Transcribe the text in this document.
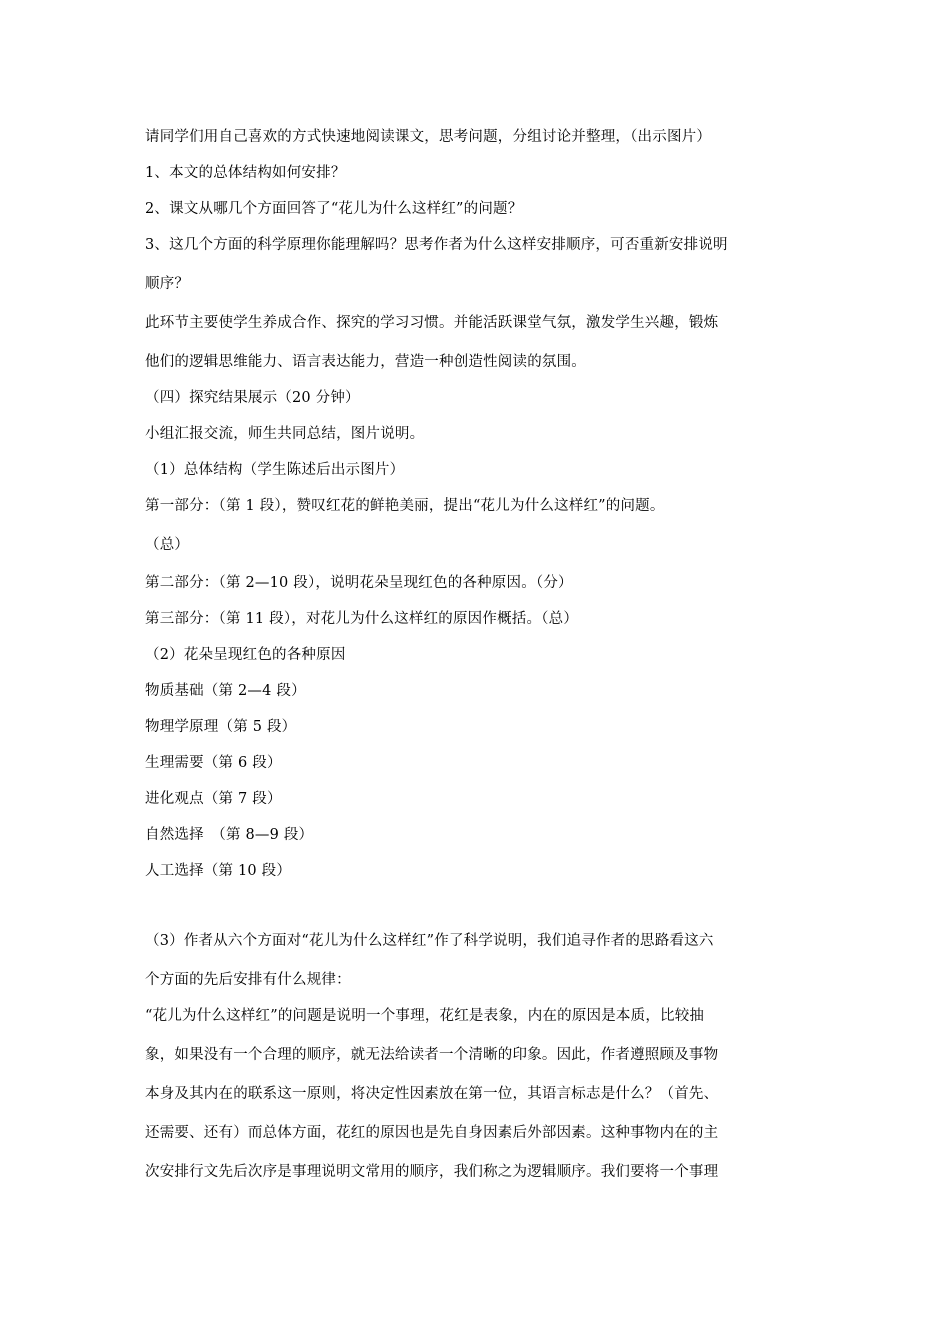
请同学们用自己喜欢的方式快速地阅读课文，思考问题，分组讨论并整理，（出示图片）
1、本文的总体结构如何安排？
2、课文从哪几个方面回答了“花儿为什么这样红”的问题？
3、这几个方面的科学原理你能理解吗？思考作者为什么这样安排顺序，可否重新安排说明
顺序？
此环节主要使学生养成合作、探究的学习习惯。并能活跃课堂气氛，激发学生兴趣，锻炼
他们的逻辑思维能力、语言表达能力，营造一种创造性阅读的氛围。
（四）探究结果展示（20 分钟）
小组汇报交流，师生共同总结，图片说明。
（1）总体结构（学生陈述后出示图片）
第一部分：（第 1 段），赞叹红花的鲜艳美丽，提出“花儿为什么这样红”的问题。
（总）
第二部分：（第 2—10 段），说明花朵呈现红色的各种原因。（分）
第三部分：（第 11 段），对花儿为什么这样红的原因作概括。（总）
（2）花朵呈现红色的各种原因
物质基础（第 2—4 段）
物理学原理（第 5 段）
生理需要（第 6 段）
进化观点（第 7 段）
自然选择　（第 8—9 段）
人工选择（第 10 段）
（3）作者从六个方面对“花儿为什么这样红”作了科学说明，我们追寻作者的思路看这六
个方面的先后安排有什么规律：
“花儿为什么这样红”的问题是说明一个事理，花红是表象，内在的原因是本质，比较抽
象，如果没有一个合理的顺序，就无法给读者一个清晰的印象。因此，作者遵照顾及事物
本身及其内在的联系这一原则，将决定性因素放在第一位，其语言标志是什么？（首先、
还需要、还有）而总体方面，花红的原因也是先自身因素后外部因素。这种事物内在的主
次安排行文先后次序是事理说明文常用的顺序，我们称之为逻辑顺序。我们要将一个事理
